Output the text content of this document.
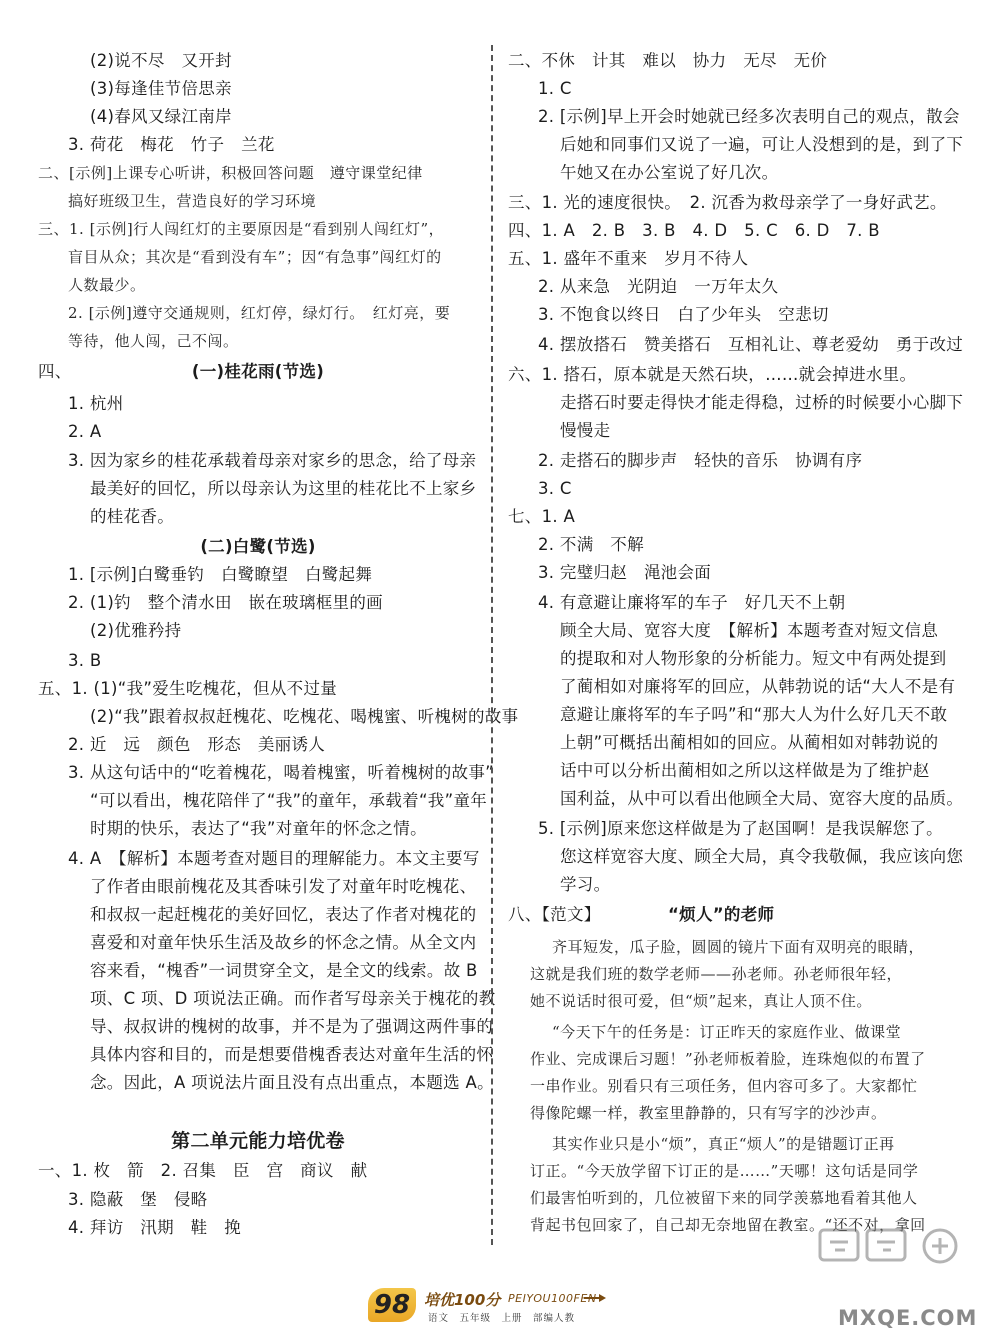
(2)说不尽　又开封
(3)每逢佳节倍思亲
(4)春风又绿江南岸
3. 荷花　梅花　竹子　兰花
二、[示例]上课专心听讲，积极回答问题　遵守课堂纪律
搞好班级卫生，营造良好的学习环境
三、1. [示例]行人闯红灯的主要原因是“看到别人闯红灯”，
盲目从众；其次是“看到没有车”；因“有急事”闯红灯的
人数最少。
2. [示例]遵守交通规则，红灯停，绿灯行。　红灯亮，要
等待，他人闯，己不闯。
四、	(一)桂花雨(节选)
1. 杭州
2. A
3. 因为家乡的桂花承载着母亲对家乡的思念，给了母亲
最美好的回忆，所以母亲认为这里的桂花比不上家乡
的桂花香。
(二)白鹭(节选)
1. [示例]白鹭垂钓　白鹭瞭望　白鹭起舞
2. (1)钓　整个清水田　嵌在玻璃框里的画
(2)优雅矜持
3. B
五、1. (1)“我”爱生吃槐花，但从不过量
(2)“我”跟着叔叔赶槐花、吃槐花、喝槐蜜、听槐树的故事
2. 近　远　颜色　形态　美丽诱人
3. 从这句话中的“吃着槐花，喝着槐蜜，听着槐树的故事”
“可以看出，槐花陪伴了“我”的童年，承载着“我”童年
时期的快乐，表达了“我”对童年的怀念之情。
4. A　【解析】本题考查对题目的理解能力。本文主要写
了作者由眼前槐花及其香味引发了对童年时吃槐花、
和叔叔一起赶槐花的美好回忆，表达了作者对槐花的
喜爱和对童年快乐生活及故乡的怀念之情。从全文内
容来看，“槐香”一词贯穿全文，是全文的线索。故 B
项、C 项、D 项说法正确。而作者写母亲关于槐花的教
导、叔叔讲的槐树的故事，并不是为了强调这两件事的
具体内容和目的，而是想要借槐香表达对童年生活的怀
念。因此，A 项说法片面且没有点出重点，本题选 A。
第二单元能力培优卷
一、1. 枚　箭　2. 召集　臣　宫　商议　献
3. 隐蔽　堡　侵略
4. 拜访　汛期　鞋　挽
“烦人”的老师
二、不休　计其　难以　协力　无尽　无价
1. C
2. [示例]早上开会时她就已经多次表明自己的观点，散会
后她和同事们又说了一遍，可让人没想到的是，到了下
午她又在办公室说了好几次。
三、1. 光的速度很快。　2. 沉香为救母亲学了一身好武艺。
四、1. A　2. B　3. B　4. D　5. C　6. D　7. B
五、1. 盛年不重来　岁月不待人
2. 从来急　光阴迫　一万年太久
3. 不饱食以终日　白了少年头　空悲切
4. 摆放搭石　赞美搭石　互相礼让、尊老爱幼　勇于改过
六、1. 搭石，原本就是天然石块，……就会掉进水里。
走搭石时要走得快才能走得稳，过桥的时候要小心脚下
慢慢走
2. 走搭石的脚步声　轻快的音乐　协调有序
3. C
七、1. A
2. 不满　不解
3. 完璧归赵　渑池会面
4. 有意避让廉将军的车子　好几天不上朝
顾全大局、宽容大度　【解析】本题考查对短文信息
的提取和对人物形象的分析能力。短文中有两处提到
了蔺相如对廉将军的回应，从韩勃说的话“大人不是有
意避让廉将军的车子吗”和“那大人为什么好几天不敢
上朝”可概括出蔺相如的回应。从蔺相如对韩勃说的
话中可以分析出蔺相如之所以这样做是为了维护赵
国利益，从中可以看出他顾全大局、宽容大度的品质。
5. [示例]原来您这样做是为了赵国啊！是我误解您了。
您这样宽容大度、顾全大局，真令我敬佩，我应该向您
学习。
八、【范文】
齐耳短发，瓜子脸，圆圆的镜片下面有双明亮的眼睛，
这就是我们班的数学老师——孙老师。孙老师很年轻，
她不说话时很可爱，但“烦”起来，真让人顶不住。
“今天下午的任务是：订正昨天的家庭作业、做课堂
作业、完成课后习题！”孙老师板着脸，连珠炮似的布置了
一串作业。别看只有三项任务，但内容可多了。大家都忙
得像陀螺一样，教室里静静的，只有写字的沙沙声。
其实作业只是小“烦”，真正“烦人”的是错题订正再
订正。“今天放学留下订正的是……”天哪！这句话是同学
们最害怕听到的，几位被留下来的同学羡慕地看着其他人
背起书包回家了，自己却无奈地留在教室。“还不对，拿回
98 培优100分 PEIYOU100FEN
语文　五年级　上册　部编人教	MXQE.COM
